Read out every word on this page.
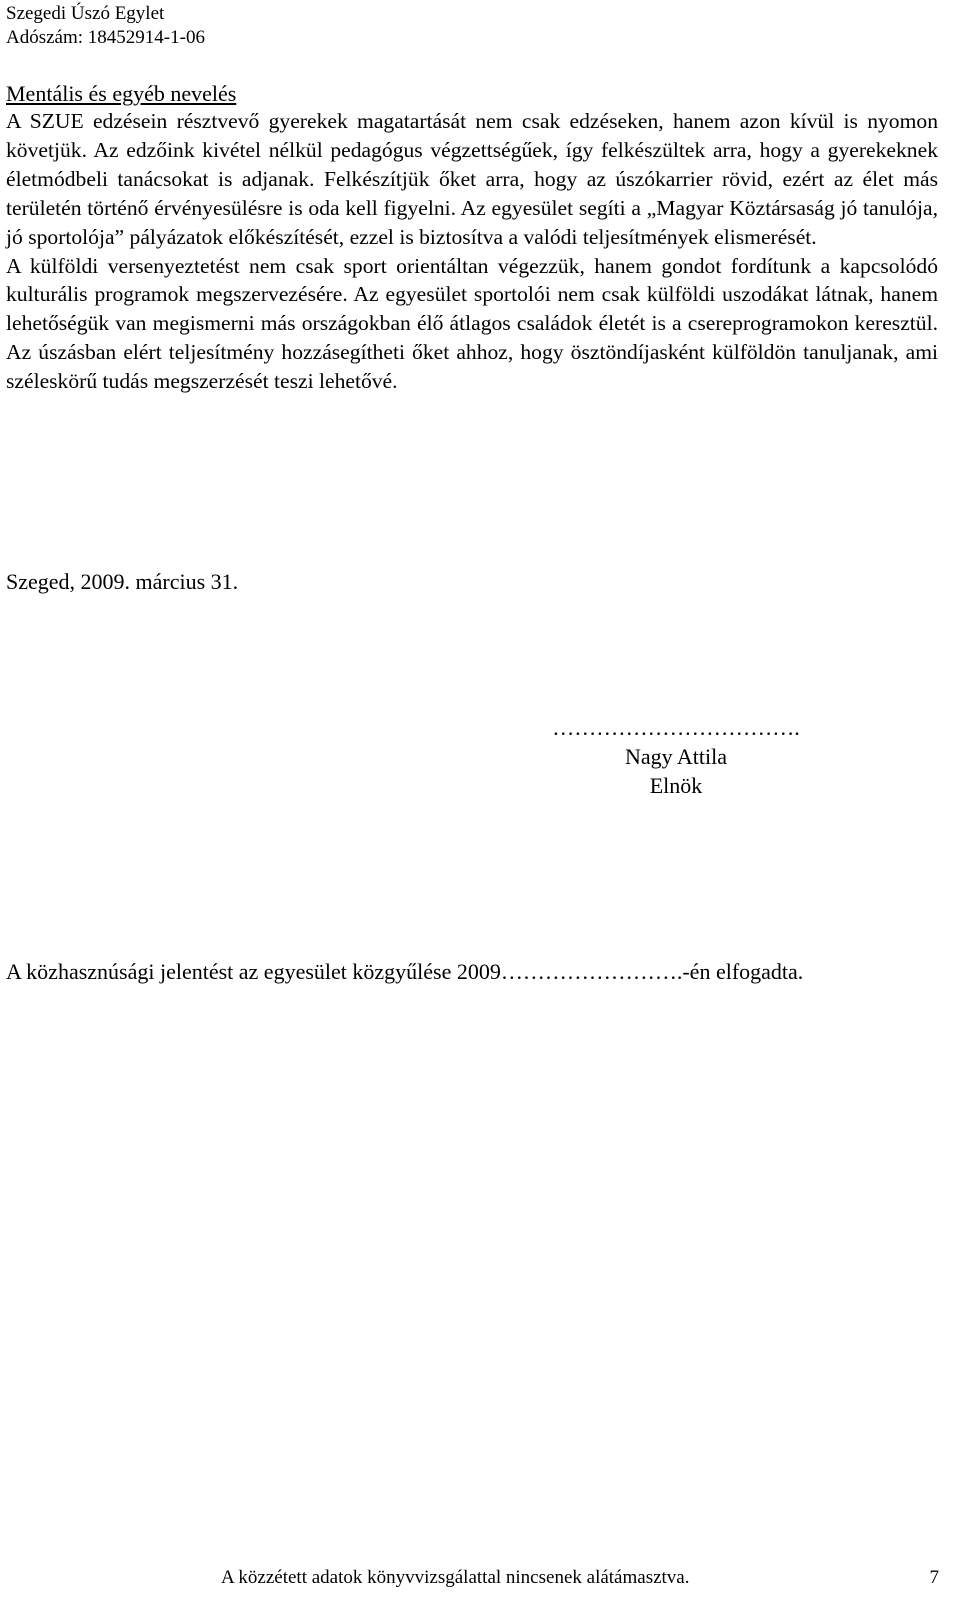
Szegedi Úszó Egylet
Adószám: 18452914-1-06
Mentális és egyéb nevelés

A SZUE edzésein résztvevő gyerekek magatartását nem csak edzéseken, hanem azon kívül is nyomon követjük. Az edzőink kivétel nélkül pedagógus végzettségűek, így felkészültek arra, hogy a gyerekeknek életmódbeli tanácsokat is adjanak. Felkészítjük őket arra, hogy az úszókarrier rövid, ezért az élet más területén történő érvényesülésre is oda kell figyelni. Az egyesület segíti a „Magyar Köztársaság jó tanulója, jó sportolója” pályázatok előkészítését, ezzel is biztosítva a valódi teljesítmények elismerését.

A külföldi versenyeztetést nem csak sport orientáltan végezzük, hanem gondot fordítunk a kapcsolódó kulturális programok megszervezésére. Az egyesület sportolói nem csak külföldi uszodákat látnak, hanem lehetőségük van megismerni más országokban élő átlagos családok életét is a csereprogramokon keresztül. Az úszásban elért teljesítmény hozzásegítheti őket ahhoz, hogy ösztöndíjasként külföldön tanuljanak, ami széleskörű tudás megszerzését teszi lehetővé.

Szeged, 2009. március 31.
…………………………….
Nagy Attila
Elnök
A közhasznúsági jelentést az egyesület közgyűlése 2009…………………….-én elfogadta.
A közzétett adatok könyvvizsgálattal nincsenek alátámasztva.	7
